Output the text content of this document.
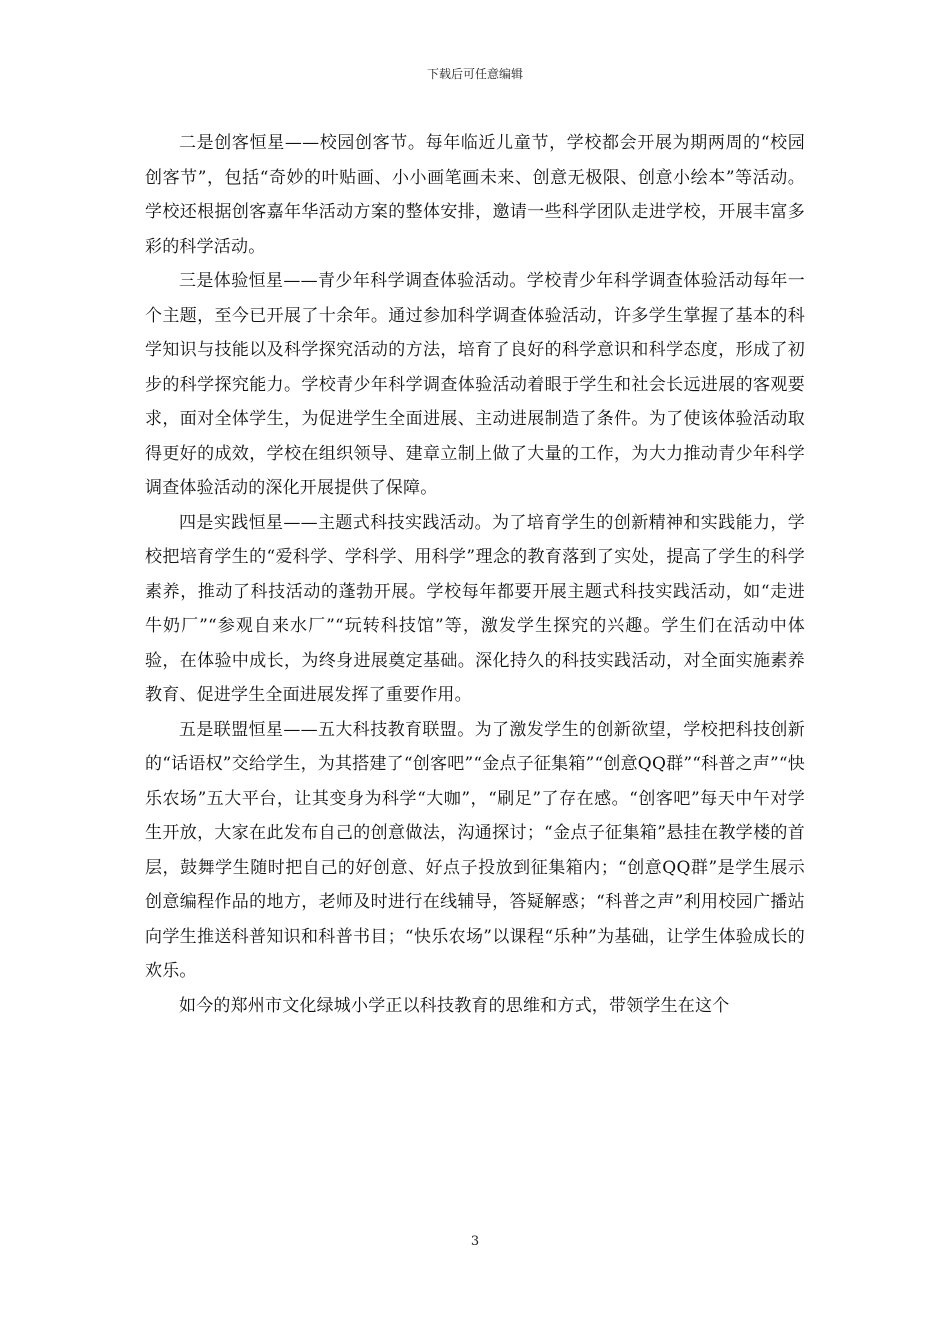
下载后可任意编辑

二是创客恒星——校园创客节。每年临近儿童节，学校都会开展为期两周的“校园创客节”，包括“奇妙的叶贴画、小小画笔画未来、创意无极限、创意小绘本”等活动。学校还根据创客嘉年华活动方案的整体安排，邀请一些科学团队走进学校，开展丰富多彩的科学活动。

三是体验恒星——青少年科学调查体验活动。学校青少年科学调查体验活动每年一个主题，至今已开展了十余年。通过参加科学调查体验活动，许多学生掌握了基本的科学知识与技能以及科学探究活动的方法，培育了良好的科学意识和科学态度，形成了初步的科学探究能力。学校青少年科学调查体验活动着眼于学生和社会长远进展的客观要求，面对全体学生，为促进学生全面进展、主动进展制造了条件。为了使该体验活动取得更好的成效，学校在组织领导、建章立制上做了大量的工作，为大力推动青少年科学调查体验活动的深化开展提供了保障。

四是实践恒星——主题式科技实践活动。为了培育学生的创新精神和实践能力，学校把培育学生的“爱科学、学科学、用科学”理念的教育落到了实处，提高了学生的科学素养，推动了科技活动的蓬勃开展。学校每年都要开展主题式科技实践活动，如“走进牛奶厂”“参观自来水厂”“玩转科技馆”等，激发学生探究的兴趣。学生们在活动中体验，在体验中成长，为终身进展奠定基础。深化持久的科技实践活动，对全面实施素养教育、促进学生全面进展发挥了重要作用。

五是联盟恒星——五大科技教育联盟。为了激发学生的创新欲望，学校把科技创新的“话语权”交给学生，为其搭建了“创客吧”“金点子征集箱”“创意QQ群”“科普之声”“快乐农场”五大平台，让其变身为科学“大咖”，“刷足”了存在感。“创客吧”每天中午对学生开放，大家在此发布自己的创意做法，沟通探讨；“金点子征集箱”悬挂在教学楼的首层，鼓舞学生随时把自己的好创意、好点子投放到征集箱内；“创意QQ群”是学生展示创意编程作品的地方，老师及时进行在线辅导，答疑解惑；“科普之声”利用校园广播站向学生推送科普知识和科普书目；“快乐农场”以课程“乐种”为基础，让学生体验成长的欢乐。

如今的郑州市文化绿城小学正以科技教育的思维和方式，带领学生在这个

3
